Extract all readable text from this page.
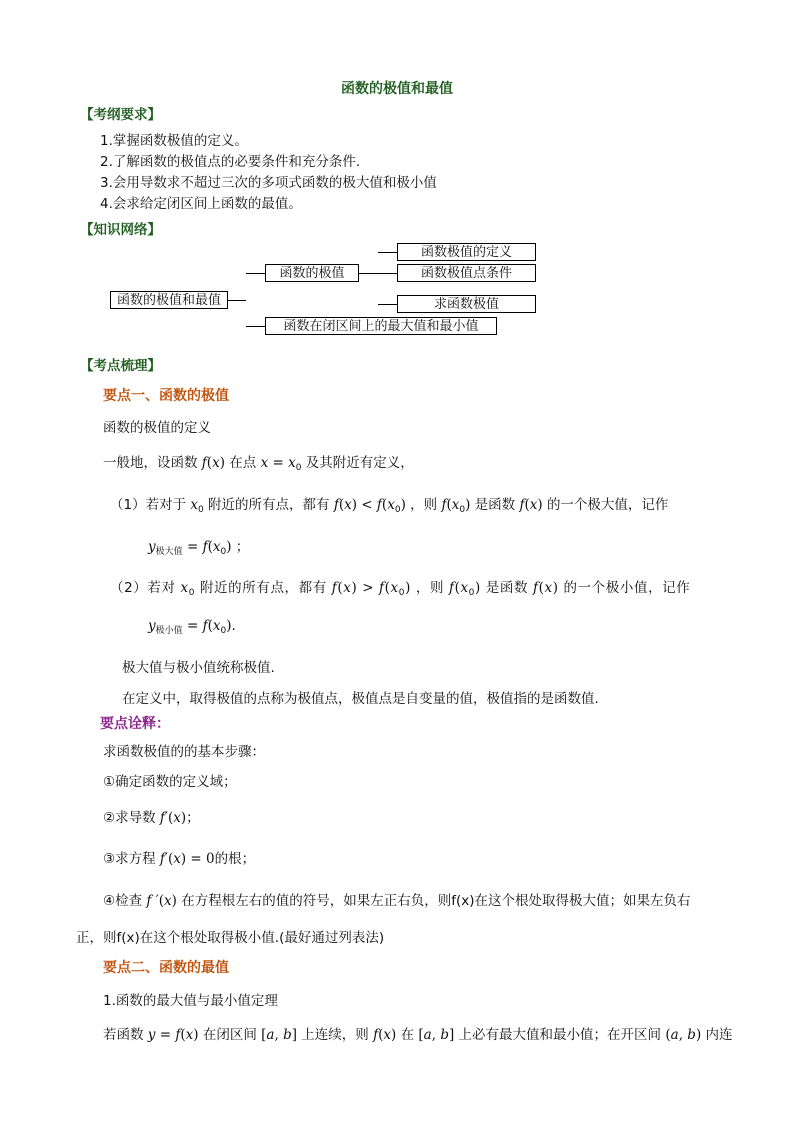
函数的极值和最值
【考纲要求】
1.掌握函数极值的定义。
2.了解函数的极值点的必要条件和充分条件.
3.会用导数求不超过三次的多项式函数的极大值和极小值
4.会求给定闭区间上函数的最值。
【知识网络】
函数的极值和最值
函数的极值
函数极值的定义
函数极值点条件
求函数极值
函数在闭区间上的最大值和最小值
【考点梳理】
要点一、函数的极值
函数的极值的定义
一般地，设函数 f(x) 在点 $x = x_0$ 及其附近有定义，
（1）若对于 $x_0$ 附近的所有点，都有 $f(x) < f(x_0)$ ，则 $f(x_0)$ 是函数 f(x) 的一个极大值，记作
$y_{极大值} = f(x_0)$ ；
（2）若对 $x_0$ 附近的所有点，都有 $f(x) > f(x_0)$ ，则 $f(x_0)$ 是函数 f(x) 的一个极小值，记作
$y_{极小值} = f(x_0)$.
极大值与极小值统称极值.
在定义中，取得极值的点称为极值点，极值点是自变量的值，极值指的是函数值.
要点诠释：
求函数极值的的基本步骤：
①确定函数的定义域；
②求导数 f′(x)；
③求方程 f′(x) = 0的根；
④检查 f ′(x) 在方程根左右的值的符号，如果左正右负，则f(x)在这个根处取得极大值；如果左负右
正，则f(x)在这个根处取得极小值.(最好通过列表法)
要点二、函数的最值
1.函数的最大值与最小值定理
若函数 y = f(x) 在闭区间 [a, b] 上连续，则 f(x) 在 [a, b] 上必有最大值和最小值；在开区间 (a, b) 内连
